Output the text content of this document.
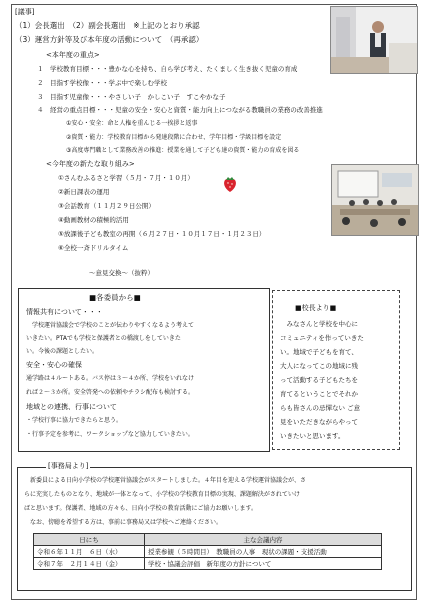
[議事]
（1）会長選出　（2）副会長選出　※上記のとおり承認
（3）運営方針等及び本年度の活動について　（再承認）
<本年度の重点>
１　学校教育目標・・・豊かな心を持ち、自ら学び考え、たくましく生き抜く児童の育成
２　目指す学校像・・・学ぶ中で楽しむ学校
３　目指す児童像・・・やさしい子　かしこい子　すこやかな子
４　経営の重点目標・・・児童の安全・安心と資質・能力向上につながる教職員の業務の改善推進
①安心・安全：命と人権を重んじる一挨拶と返事
②資質・能力：学校教育目標から発達段階に合わせ、学年目標・学級目標を設定
③高度専門職として業務改善の推進：授業を通して子ども達の資質・能力の育成を図る
<今年度の新たな取り組み>
①さんむふるさと学習（５月・７月・１０月）
②新日課表の運用
③会話教育（１１月２９日公開）
④動画教材の積極的活用
⑤放課後子ども教室の再開（６月２７日・１０月１７日・１月２３日）
⑥全校一斉ドリルタイム
～意見交換～（抜粋）
■各委員から■
情報共有について・・・
　学校運営協議会で学校のことが伝わりやすくなるよう考えて
いきたい。PTAでも学校と保護者との橋渡しをしていきた
い。今後の課題としたい。
安全・安心の確保
通学路は４ルートある。バス停は３～４か所、学校をいれなけ
れば２～３か所。安全啓発への依頼やチラシ配布も検討する。
地域との連携、行事について
・学校行事に協力できたらと思う。
・行事予定を参考に、ワークショップなど協力していきたい。
■校長より■
　みなさんと学校を中心に
コミュニティを作っていきた
い。地域で子どもを育て、
大人になってこの地域に残
って活動する子どもたちを
育てるということでそれか
らも皆さんの忌憚ない ご意
見をいただきながらやって
いきたいと思います。
[事務局より]
　新委員による日向小学校の学校運営協議会がスタートしました。４年目を迎える学校運営協議会が、さ
らに充実したものとなり、地域が一体となって、小学校の学校教育目標の実現、課題解決がされていけ
ばと思います。保護者、地域の方々も、日向小学校の教育活動にご協力お願いします。
　なお、傍聴を希望する方は、事前に事務局又は学校へご連絡ください。
日にち	主な会議内容
令和６年１１月　６日（水）	授業参観（５時間目）　教職員の人事　現状の課題・支援活動
令和７年　２月１４日（金）	学校・協議会評価　新年度の方針について
